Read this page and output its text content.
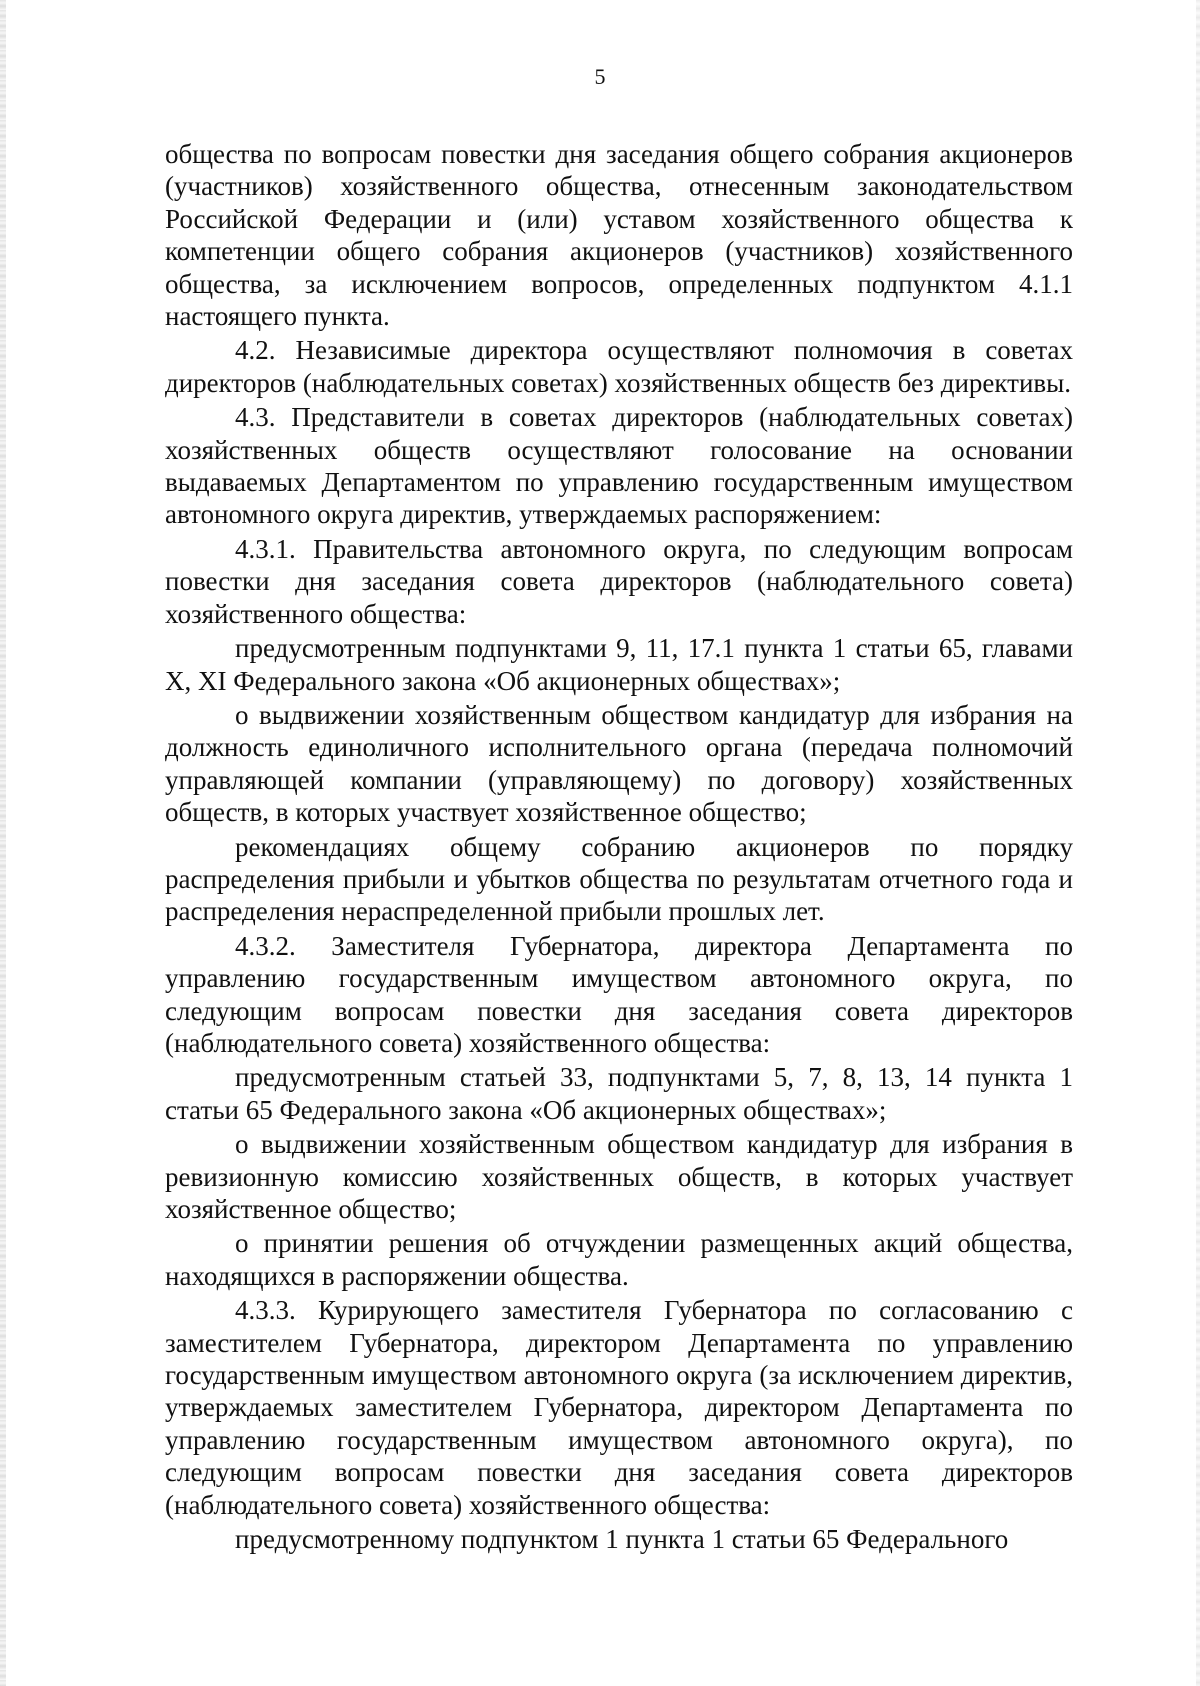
5

общества по вопросам повестки дня заседания общего собрания акционеров (участников) хозяйственного общества, отнесенным законодательством Российской Федерации и (или) уставом хозяйственного общества к компетенции общего собрания акционеров (участников) хозяйственного общества, за исключением вопросов, определенных подпунктом 4.1.1 настоящего пункта.

4.2. Независимые директора осуществляют полномочия в советах директоров (наблюдательных советах) хозяйственных обществ без директивы.

4.3. Представители в советах директоров (наблюдательных советах) хозяйственных обществ осуществляют голосование на основании выдаваемых Департаментом по управлению государственным имуществом автономного округа директив, утверждаемых распоряжением:

4.3.1. Правительства автономного округа, по следующим вопросам повестки дня заседания совета директоров (наблюдательного совета) хозяйственного общества:

предусмотренным подпунктами 9, 11, 17.1 пункта 1 статьи 65, главами X, XI Федерального закона «Об акционерных обществах»;

о выдвижении хозяйственным обществом кандидатур для избрания на должность единоличного исполнительного органа (передача полномочий управляющей компании (управляющему) по договору) хозяйственных обществ, в которых участвует хозяйственное общество;

рекомендациях общему собранию акционеров по порядку распределения прибыли и убытков общества по результатам отчетного года и распределения нераспределенной прибыли прошлых лет.

4.3.2. Заместителя Губернатора, директора Департамента по управлению государственным имуществом автономного округа, по следующим вопросам повестки дня заседания совета директоров (наблюдательного совета) хозяйственного общества:

предусмотренным статьей 33, подпунктами 5, 7, 8, 13, 14 пункта 1 статьи 65 Федерального закона «Об акционерных обществах»;

о выдвижении хозяйственным обществом кандидатур для избрания в ревизионную комиссию хозяйственных обществ, в которых участвует хозяйственное общество;

о принятии решения об отчуждении размещенных акций общества, находящихся в распоряжении общества.

4.3.3. Курирующего заместителя Губернатора по согласованию с заместителем Губернатора, директором Департамента по управлению государственным имуществом автономного округа (за исключением директив, утверждаемых заместителем Губернатора, директором Департамента по управлению государственным имуществом автономного округа), по следующим вопросам повестки дня заседания совета директоров (наблюдательного совета) хозяйственного общества:

предусмотренному подпунктом 1 пункта 1 статьи 65 Федерального
